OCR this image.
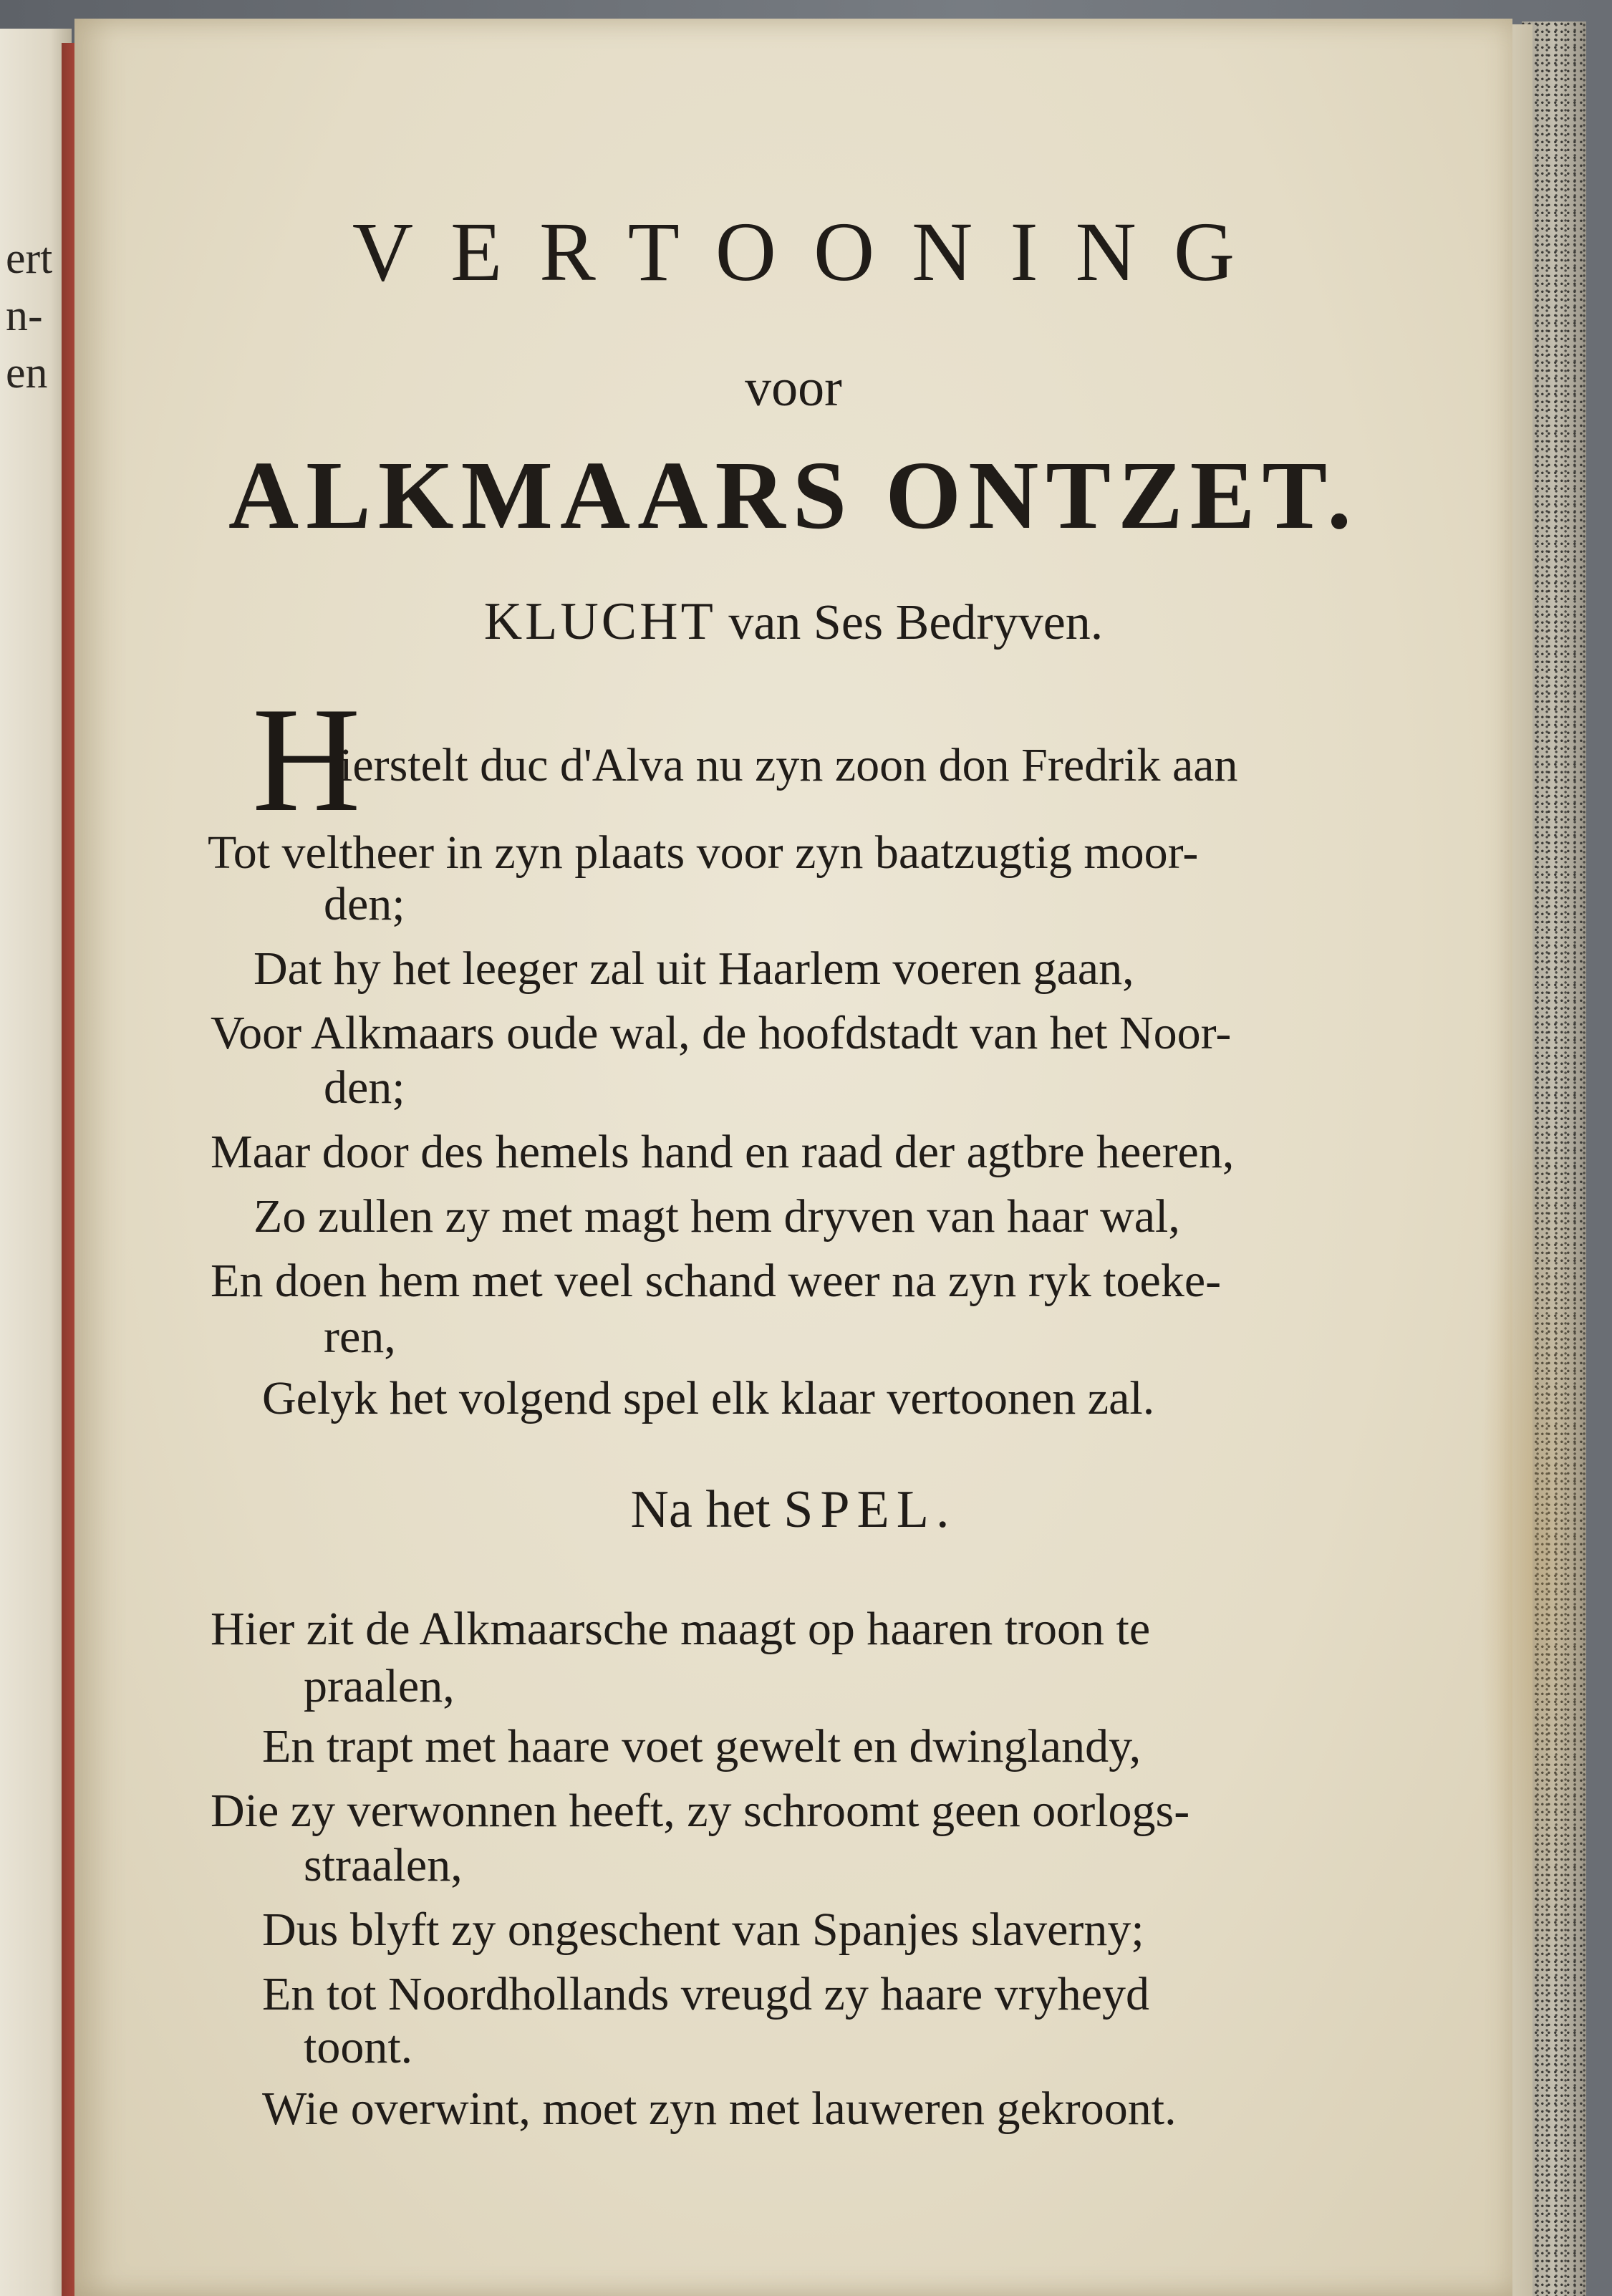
ert
n-
en
VERTOONING
voor
ALKMAARS ONTZET.
KLUCHT van Ses Bedryven.
H
ierstelt duc d'Alva nu zyn zoon don Fredrik aan
Tot veltheer in zyn plaats voor zyn baatzugtig moor-
den;
Dat hy het leeger zal uit Haarlem voeren gaan,
Voor Alkmaars oude wal, de hoofdstadt van het Noor-
den;
Maar door des hemels hand en raad der agtbre heeren,
Zo zullen zy met magt hem dryven van haar wal,
En doen hem met veel schand weer na zyn ryk toeke-
ren,
Gelyk het volgend spel elk klaar vertoonen zal.
Na het SPEL.
Hier zit de Alkmaarsche maagt op haaren troon te
praalen,
En trapt met haare voet gewelt en dwinglandy,
Die zy verwonnen heeft, zy schroomt geen oorlogs-
straalen,
Dus blyft zy ongeschent van Spanjes slaverny;
En tot Noordhollands vreugd zy haare vryheyd
toont.
Wie overwint, moet zyn met lauweren gekroont.
